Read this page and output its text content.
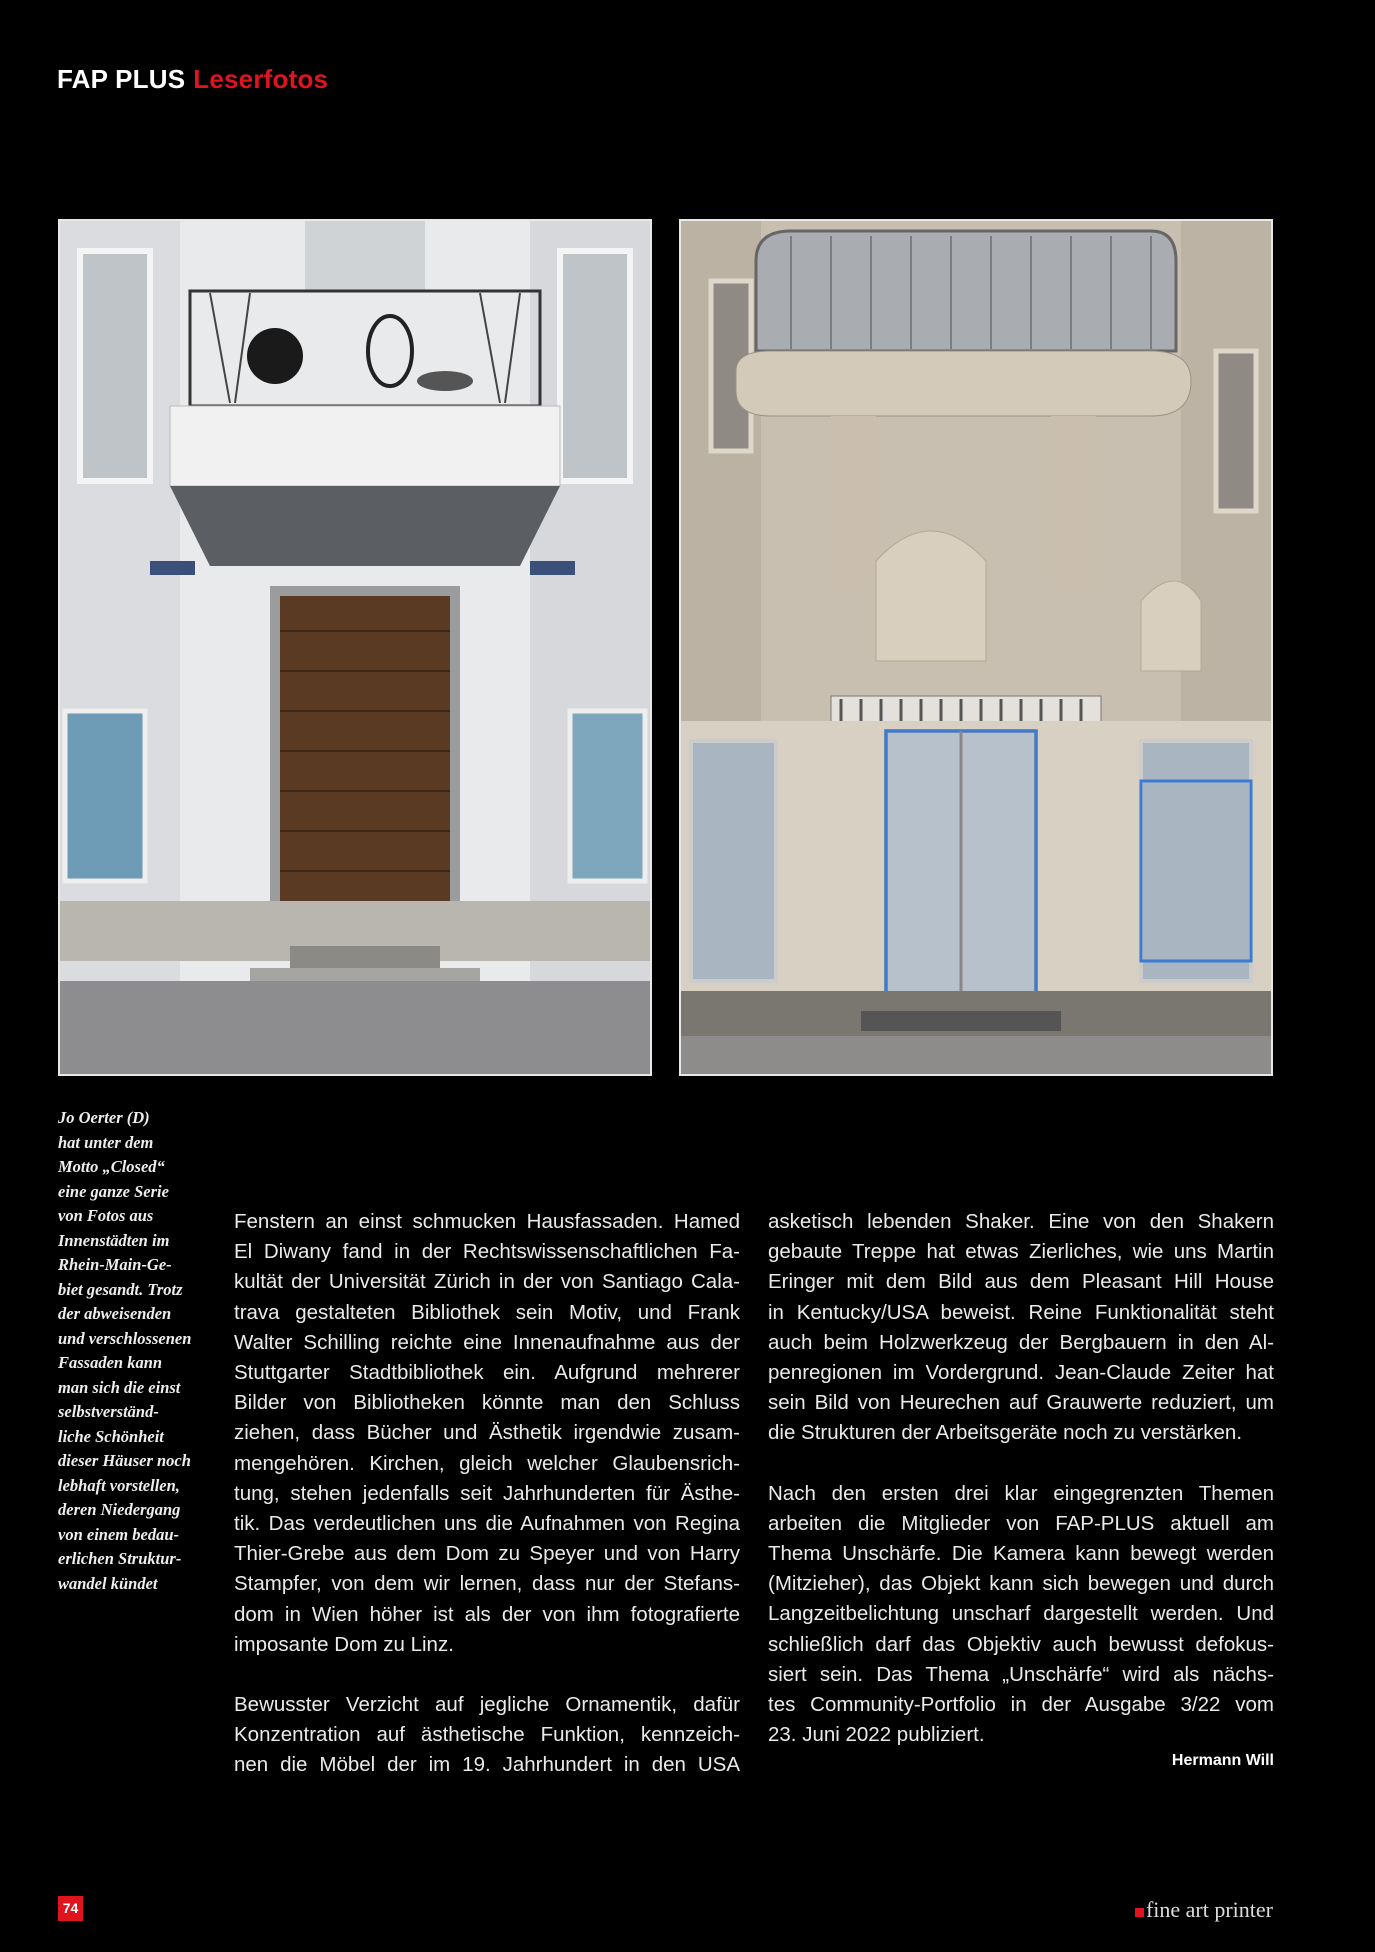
FAP PLUS Leserfotos
Jo Oerter (D)
hat unter dem
Motto „Closed“
eine ganze Serie
von Fotos aus
Innenstädten im
Rhein-Main-Ge-
biet gesandt. Trotz
der abweisenden
und verschlossenen
Fassaden kann
man sich die einst
selbstverständ-
liche Schönheit
dieser Häuser noch
lebhaft vorstellen,
deren Niedergang
von einem bedau-
erlichen Struktur-
wandel kündet

Fenstern an einst schmucken Hausfassaden. Hamed
El Diwany fand in der Rechtswissenschaftlichen Fa-
kultät der Universität Zürich in der von Santiago Cala-
trava gestalteten Bibliothek sein Motiv, und Frank
Walter Schilling reichte eine Innenaufnahme aus der
Stuttgarter Stadtbibliothek ein. Aufgrund mehrerer
Bilder von Bibliotheken könnte man den Schluss
ziehen, dass Bücher und Ästhetik irgendwie zusam-
mengehören. Kirchen, gleich welcher Glaubensrich-
tung, stehen jedenfalls seit Jahrhunderten für Ästhe-
tik. Das verdeutlichen uns die Aufnahmen von Regina
Thier-Grebe aus dem Dom zu Speyer und von Harry
Stampfer, von dem wir lernen, dass nur der Stefans-
dom in Wien höher ist als der von ihm fotografierte
imposante Dom zu Linz.

Bewusster Verzicht auf jegliche Ornamentik, dafür
Konzentration auf ästhetische Funktion, kennzeich-
nen die Möbel der im 19. Jahrhundert in den USA

asketisch lebenden Shaker. Eine von den Shakern
gebaute Treppe hat etwas Zierliches, wie uns Martin
Eringer mit dem Bild aus dem Pleasant Hill House
in Kentucky/USA beweist. Reine Funktionalität steht
auch beim Holzwerkzeug der Bergbauern in den Al-
penregionen im Vordergrund. Jean-Claude Zeiter hat
sein Bild von Heurechen auf Grauwerte reduziert, um
die Strukturen der Arbeitsgeräte noch zu verstärken.

Nach den ersten drei klar eingegrenzten Themen
arbeiten die Mitglieder von FAP-PLUS aktuell am
Thema Unschärfe. Die Kamera kann bewegt werden
(Mitzieher), das Objekt kann sich bewegen und durch
Langzeitbelichtung unscharf dargestellt werden. Und
schließlich darf das Objektiv auch bewusst defokus-
siert sein. Das Thema „Unschärfe“ wird als nächs-
tes Community-Portfolio in der Ausgabe 3/22 vom
23. Juni 2022 publiziert.

Hermann Will
74	fine art printer
